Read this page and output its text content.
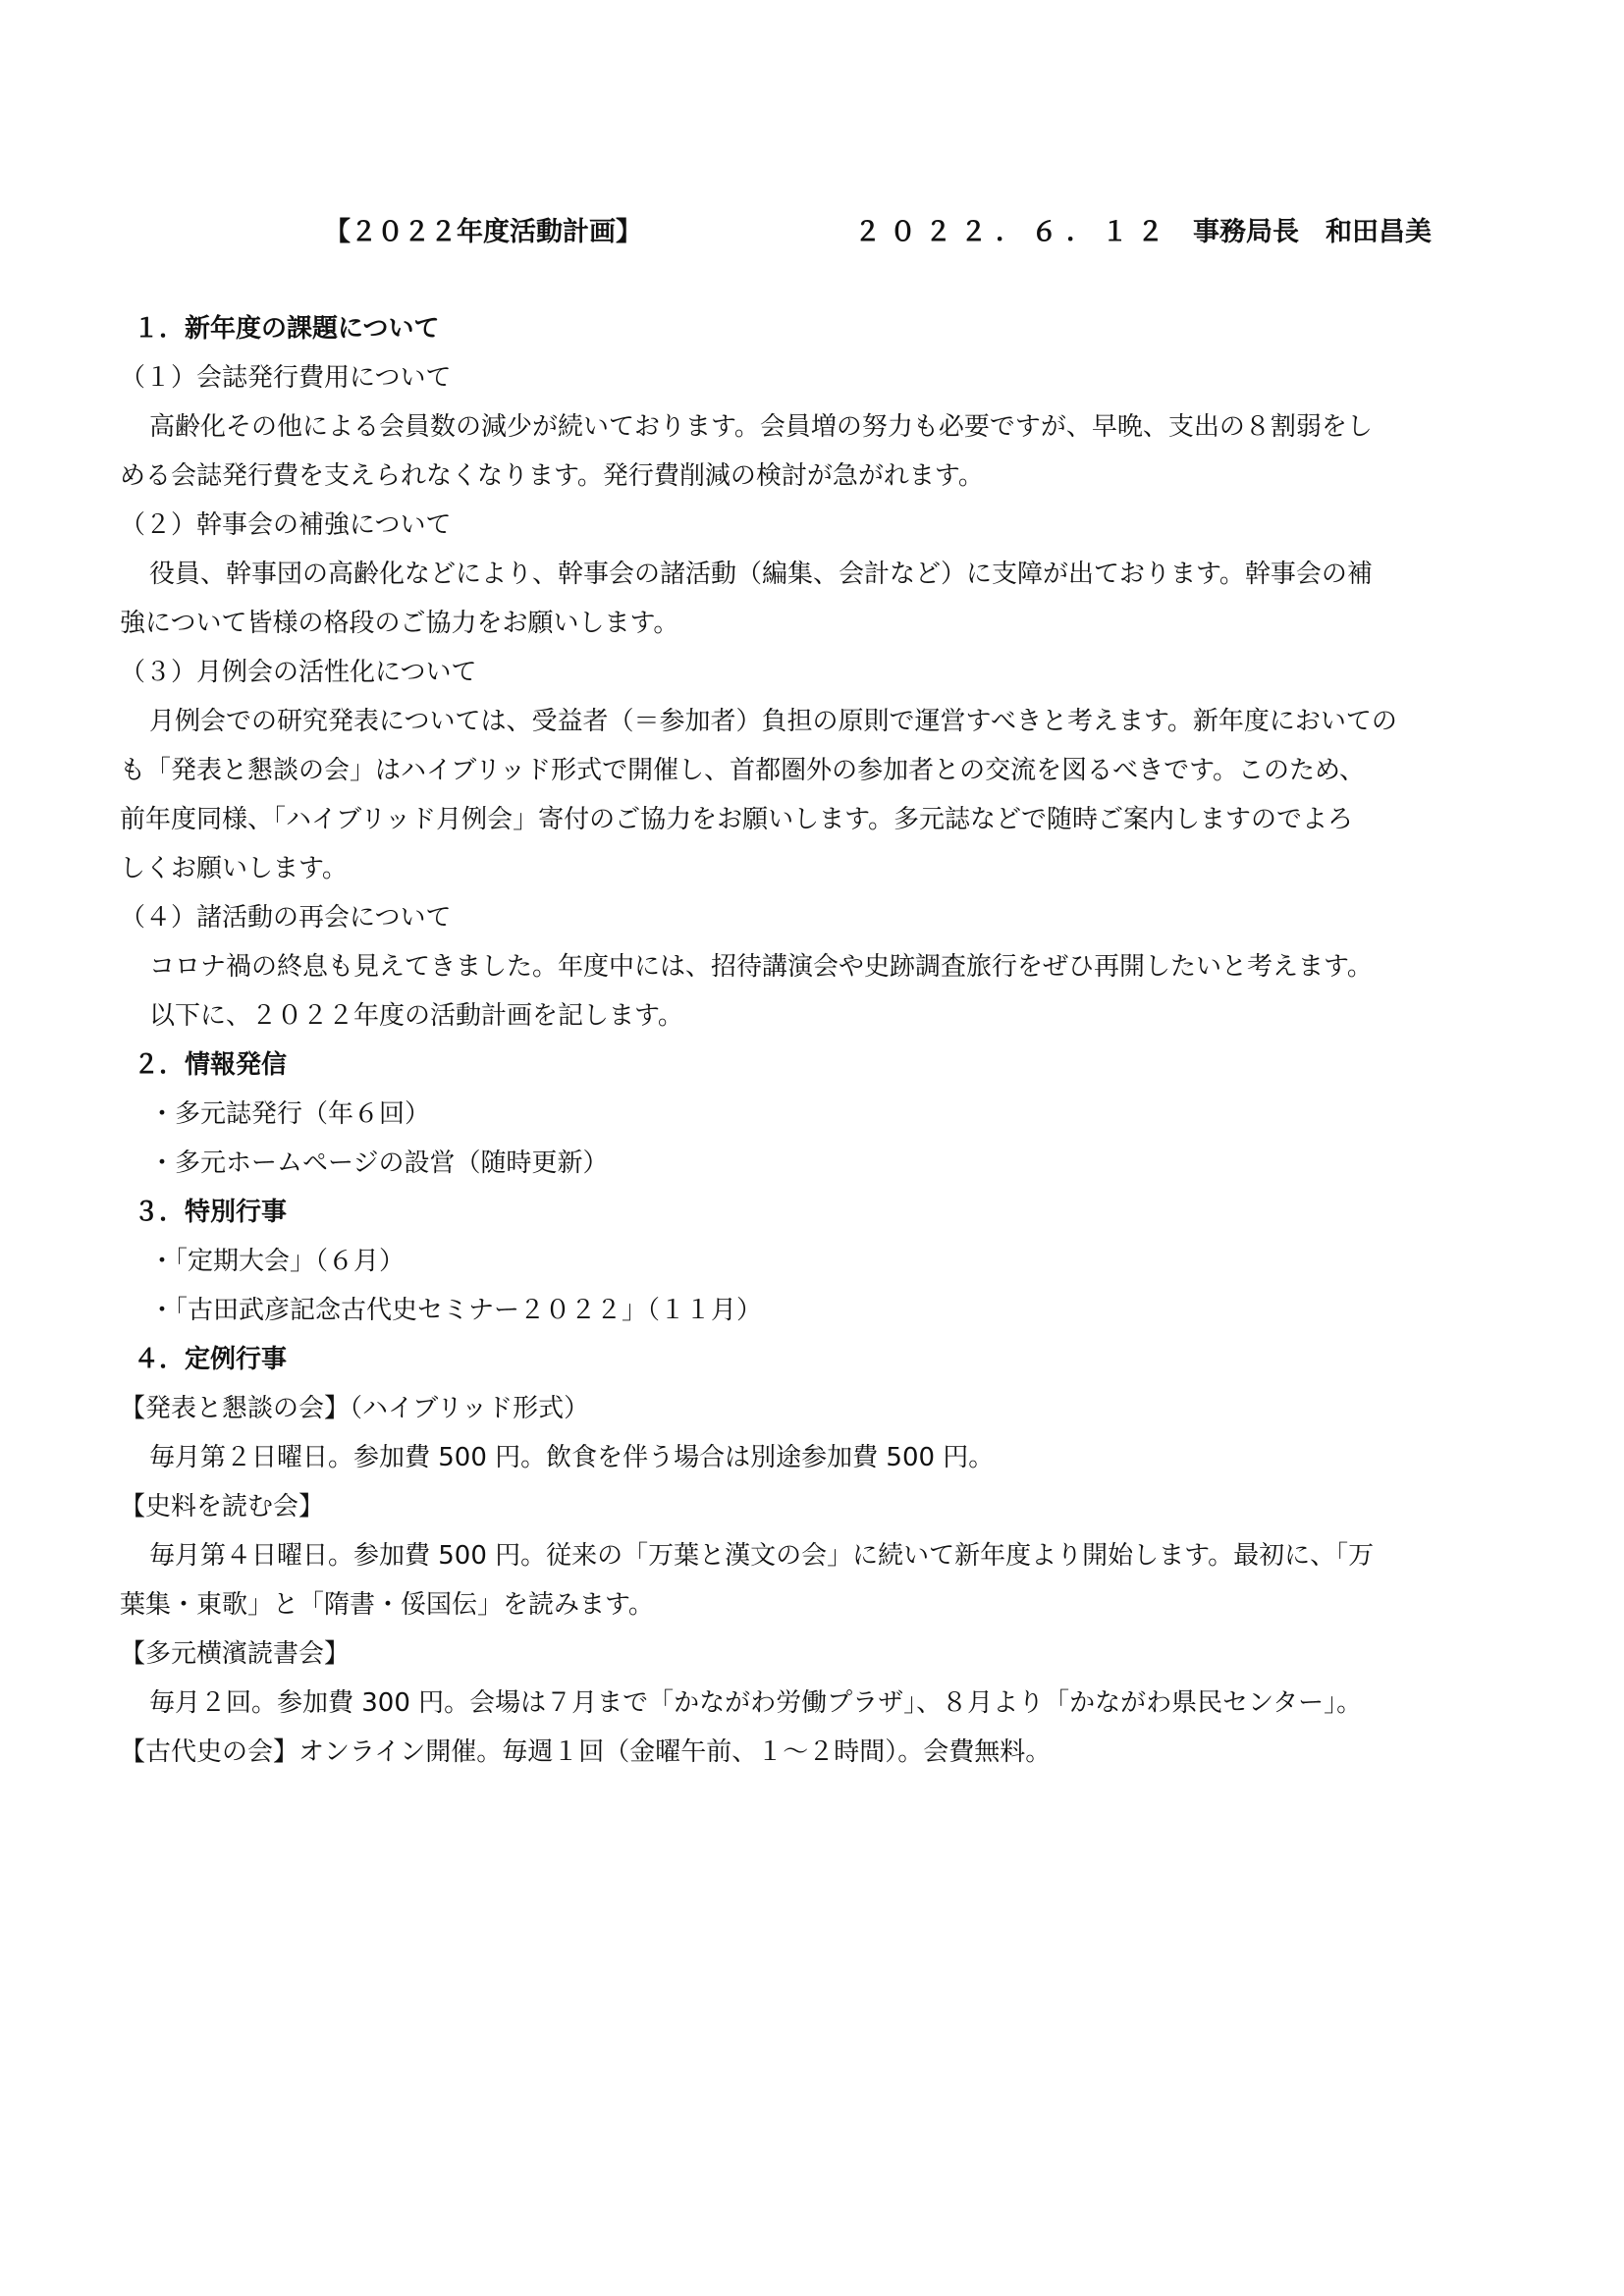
【２０２２年度活動計画】	２０２２．６．１２ 事務局長　和田昌美
１．新年度の課題について
（１）会誌発行費用について
高齢化その他による会員数の減少が続いております。会員増の努力も必要ですが、早晩、支出の８割弱をし
める会誌発行費を支えられなくなります。発行費削減の検討が急がれます。
（２）幹事会の補強について
役員、幹事団の高齢化などにより、幹事会の諸活動（編集、会計など）に支障が出ております。幹事会の補
強について皆様の格段のご協力をお願いします。
（３）月例会の活性化について
月例会での研究発表については、受益者（＝参加者）負担の原則で運営すべきと考えます。新年度においての
も「発表と懇談の会」はハイブリッド形式で開催し、首都圏外の参加者との交流を図るべきです。このため、
前年度同様、「ハイブリッド月例会」寄付のご協力をお願いします。多元誌などで随時ご案内しますのでよろ
しくお願いします。
（４）諸活動の再会について
コロナ禍の終息も見えてきました。年度中には、招待講演会や史跡調査旅行をぜひ再開したいと考えます。
以下に、２０２２年度の活動計画を記します。
２．情報発信
・多元誌発行（年６回）
・多元ホームページの設営（随時更新）
３．特別行事
・「定期大会」（６月）
・「古田武彦記念古代史セミナー２０２２」（１１月）
４．定例行事
【発表と懇談の会】（ハイブリッド形式）
毎月第２日曜日。参加費 500 円。飲食を伴う場合は別途参加費 500 円。
【史料を読む会】
毎月第４日曜日。参加費 500 円。従来の「万葉と漢文の会」に続いて新年度より開始します。最初に、「万
葉集・東歌」と「隋書・俀国伝」を読みます。
【多元横濱読書会】
毎月２回。参加費 300 円。会場は７月まで「かながわ労働プラザ」、８月より「かながわ県民センター」。
【古代史の会】オンライン開催。毎週１回（金曜午前、１～２時間）。会費無料。
